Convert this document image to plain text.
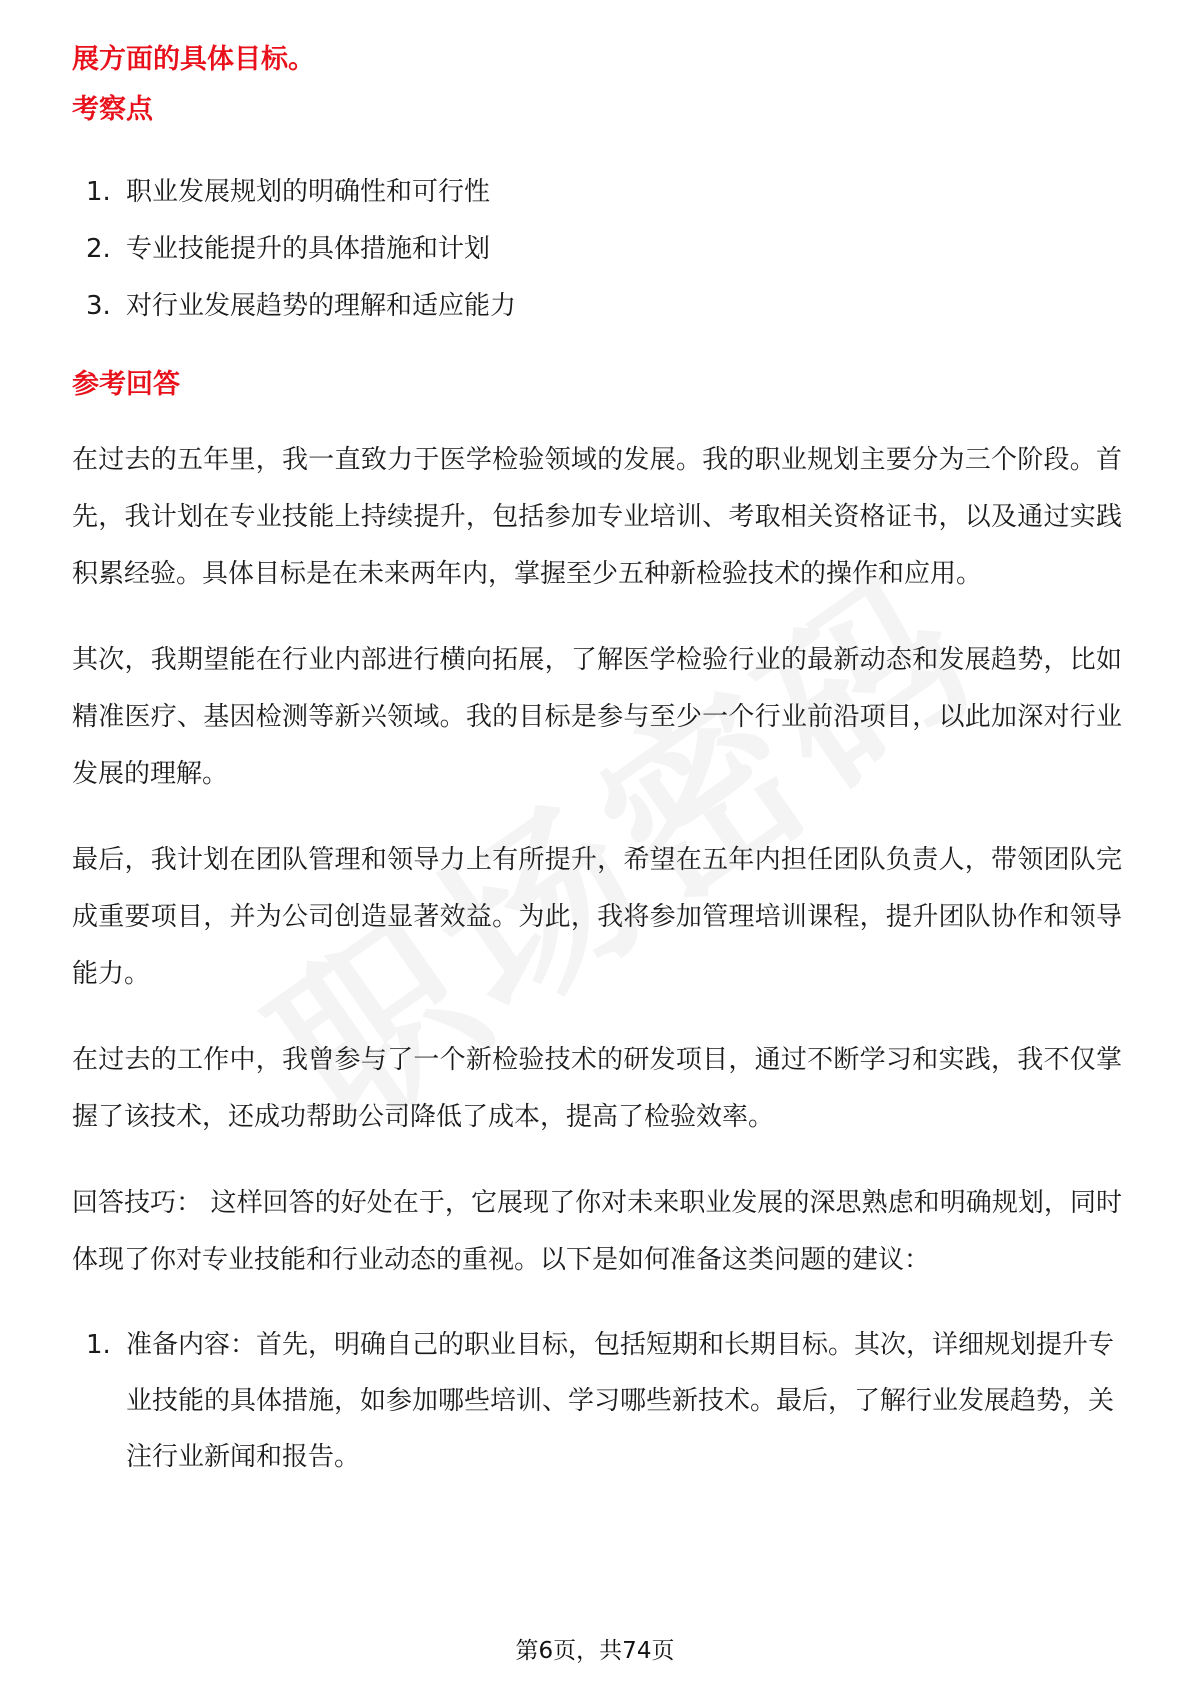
展方面的具体目标。

考察点

1. 职业发展规划的明确性和可行性
2. 专业技能提升的具体措施和计划
3. 对行业发展趋势的理解和适应能力

参考回答

在过去的五年里，我一直致力于医学检验领域的发展。我的职业规划主要分为三个阶段。首先，我计划在专业技能上持续提升，包括参加专业培训、考取相关资格证书，以及通过实践积累经验。具体目标是在未来两年内，掌握至少五种新检验技术的操作和应用。

其次，我期望能在行业内部进行横向拓展，了解医学检验行业的最新动态和发展趋势，比如精准医疗、基因检测等新兴领域。我的目标是参与至少一个行业前沿项目，以此加深对行业发展的理解。

最后，我计划在团队管理和领导力上有所提升，希望在五年内担任团队负责人，带领团队完成重要项目，并为公司创造显著效益。为此，我将参加管理培训课程，提升团队协作和领导能力。

在过去的工作中，我曾参与了一个新检验技术的研发项目，通过不断学习和实践，我不仅掌握了该技术，还成功帮助公司降低了成本，提高了检验效率。

回答技巧： 这样回答的好处在于，它展现了你对未来职业发展的深思熟虑和明确规划，同时体现了你对专业技能和行业动态的重视。以下是如何准备这类问题的建议：

1. 准备内容：首先，明确自己的职业目标，包括短期和长期目标。其次，详细规划提升专业技能的具体措施，如参加哪些培训、学习哪些新技术。最后，了解行业发展趋势，关注行业新闻和报告。
第6页，共74页
